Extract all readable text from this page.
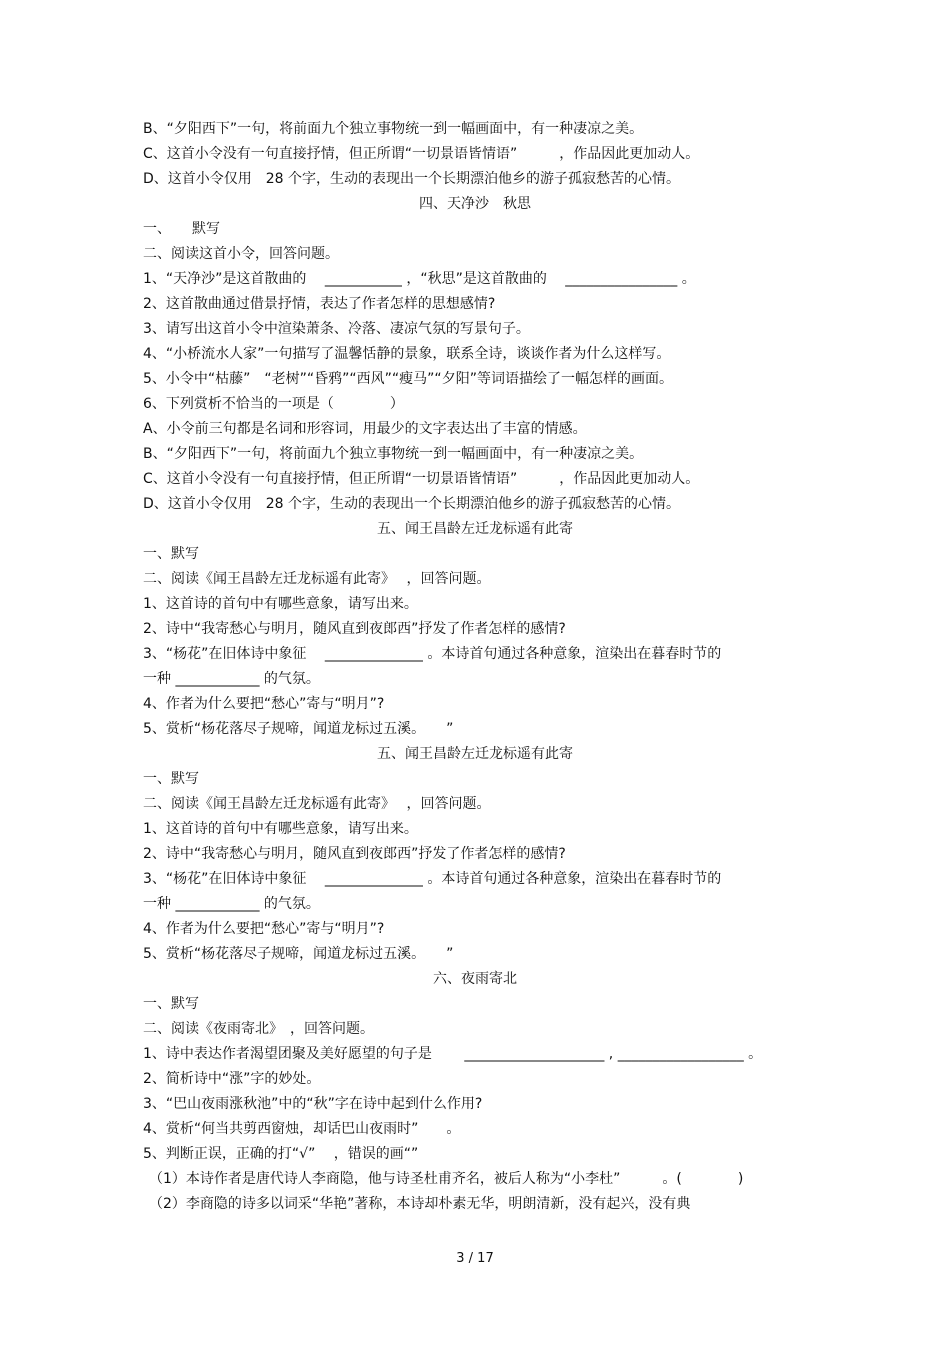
B、“夕阳西下”一句，将前面九个独立事物统一到一幅画面中，有一种凄凉之美。
C、这首小令没有一句直接抒情，但正所谓“一切景语皆情语”　　　，作品因此更加动人。
D、这首小令仅用　28 个字，生动的表现出一个长期漂泊他乡的游子孤寂愁苦的心情。
四、天净沙　秋思
一、　　默写
二、阅读这首小令，回答问题。
1、“天净沙”是这首散曲的　 ___________ ，“秋思”是这首散曲的　 ________________ 。
2、这首散曲通过借景抒情，表达了作者怎样的思想感情?
3、请写出这首小令中渲染萧条、冷落、凄凉气氛的写景句子。
4、“小桥流水人家”一句描写了温馨恬静的景象，联系全诗，谈谈作者为什么这样写。
5、小令中“枯藤”　“老树”“昏鸦”“西风”“瘦马”“夕阳”等词语描绘了一幅怎样的画面。
6、下列赏析不恰当的一项是（　　　　）
A、小令前三句都是名词和形容词，用最少的文字表达出了丰富的情感。
B、“夕阳西下”一句，将前面九个独立事物统一到一幅画面中，有一种凄凉之美。
C、这首小令没有一句直接抒情，但正所谓“一切景语皆情语”　　　，作品因此更加动人。
D、这首小令仅用　28 个字，生动的表现出一个长期漂泊他乡的游子孤寂愁苦的心情。
五、闻王昌龄左迁龙标遥有此寄
一、默写
二、阅读《闻王昌龄左迁龙标遥有此寄》　 ，回答问题。
1、这首诗的首句中有哪些意象，请写出来。
2、诗中“我寄愁心与明月，随风直到夜郎西”抒发了作者怎样的感情?
3、“杨花”在旧体诗中象征　 ______________ 。本诗首句通过各种意象，渲染出在暮春时节的
一种 ____________ 的气氛。
4、作者为什么要把“愁心”寄与“明月”?
5、赏析“杨花落尽子规啼，闻道龙标过五溪。　　”
五、闻王昌龄左迁龙标遥有此寄
一、默写
二、阅读《闻王昌龄左迁龙标遥有此寄》　 ，回答问题。
1、这首诗的首句中有哪些意象，请写出来。
2、诗中“我寄愁心与明月，随风直到夜郎西”抒发了作者怎样的感情?
3、“杨花”在旧体诗中象征　 ______________ 。本诗首句通过各种意象，渲染出在暮春时节的
一种 ____________ 的气氛。
4、作者为什么要把“愁心”寄与“明月”?
5、赏析“杨花落尽子规啼，闻道龙标过五溪。　　”
六、夜雨寄北
一、默写
二、阅读《夜雨寄北》　，回答问题。
1、诗中表达作者渴望团聚及美好愿望的句子是　　 ____________________ , __________________ 。
2、简析诗中“涨”字的妙处。
3、“巴山夜雨涨秋池”中的“秋”字在诗中起到什么作用?
4、赏析“何当共剪西窗烛，却话巴山夜雨时”　　。
5、判断正误，正确的打“√”　 ，错误的画“”
（1）本诗作者是唐代诗人李商隐，他与诗圣杜甫齐名，被后人称为“小李杜”　　　。(　　　　)
（2）李商隐的诗多以词采“华艳”著称，本诗却朴素无华，明朗清新，没有起兴，没有典
3 / 17
